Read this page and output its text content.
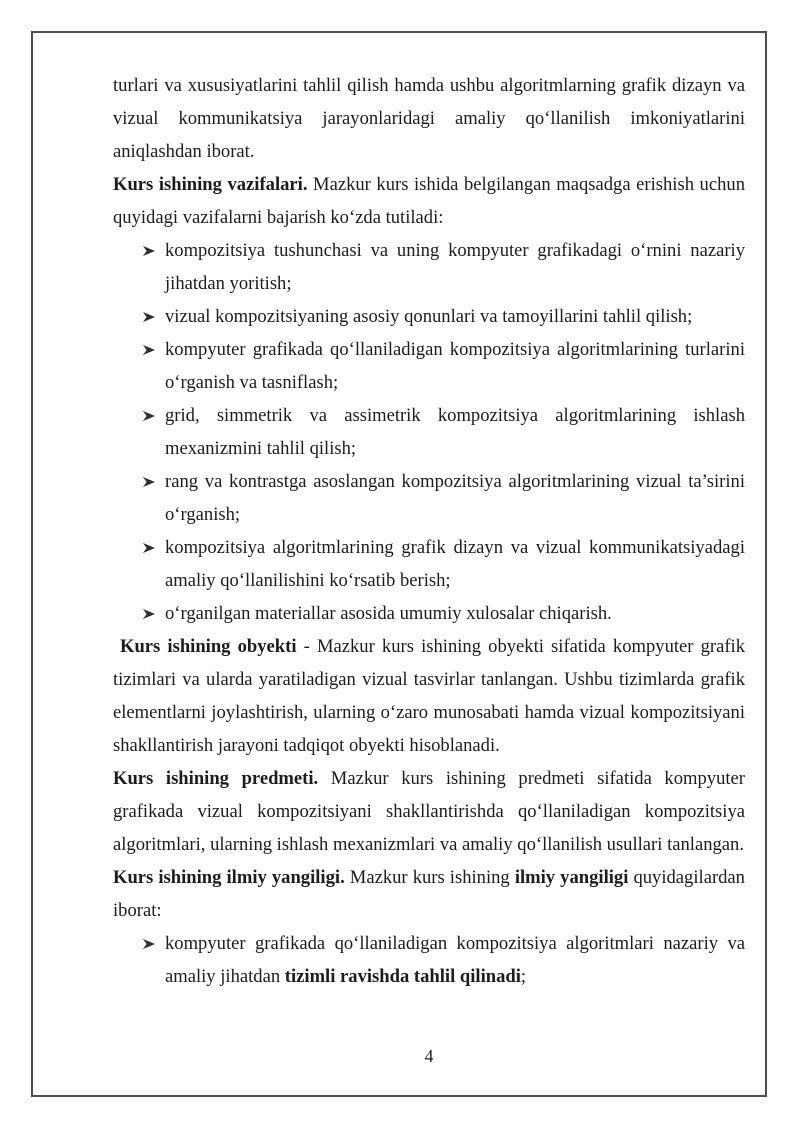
turlari va xususiyatlarini tahlil qilish hamda ushbu algoritmlarning grafik dizayn va vizual kommunikatsiya jarayonlaridagi amaliy qo‘llanilish imkoniyatlarini aniqlashdan iborat.
Kurs ishining vazifalari. Mazkur kurs ishida belgilangan maqsadga erishish uchun quyidagi vazifalarni bajarish ko‘zda tutiladi:
kompozitsiya tushunchasi va uning kompyuter grafikadagi o‘rnini nazariy jihatdan yoritish;
vizual kompozitsiyaning asosiy qonunlari va tamoyillarini tahlil qilish;
kompyuter grafikada qo‘llaniladigan kompozitsiya algoritmlarining turlarini o‘rganish va tasniflash;
grid, simmetrik va assimetrik kompozitsiya algoritmlarining ishlash mexanizmini tahlil qilish;
rang va kontrastga asoslangan kompozitsiya algoritmlarining vizual ta’sirini o‘rganish;
kompozitsiya algoritmlarining grafik dizayn va vizual kommunikatsiyadagi amaliy qo‘llanilishini ko‘rsatib berish;
o‘rganilgan materiallar asosida umumiy xulosalar chiqarish.
Kurs ishining obyekti - Mazkur kurs ishining obyekti sifatida kompyuter grafik tizimlari va ularda yaratiladigan vizual tasvirlar tanlangan. Ushbu tizimlarda grafik elementlarni joylashtirish, ularning o‘zaro munosabati hamda vizual kompozitsiyani shakllantirish jarayoni tadqiqot obyekti hisoblanadi.
Kurs ishining predmeti. Mazkur kurs ishining predmeti sifatida kompyuter grafikada vizual kompozitsiyani shakllantirishda qo‘llaniladigan kompozitsiya algoritmlari, ularning ishlash mexanizmlari va amaliy qo‘llanilish usullari tanlangan.
Kurs ishining ilmiy yangiligi. Mazkur kurs ishining ilmiy yangiligi quyidagilardan iborat:
kompyuter grafikada qo‘llaniladigan kompozitsiya algoritmlari nazariy va amaliy jihatdan tizimli ravishda tahlil qilinadi;
4
